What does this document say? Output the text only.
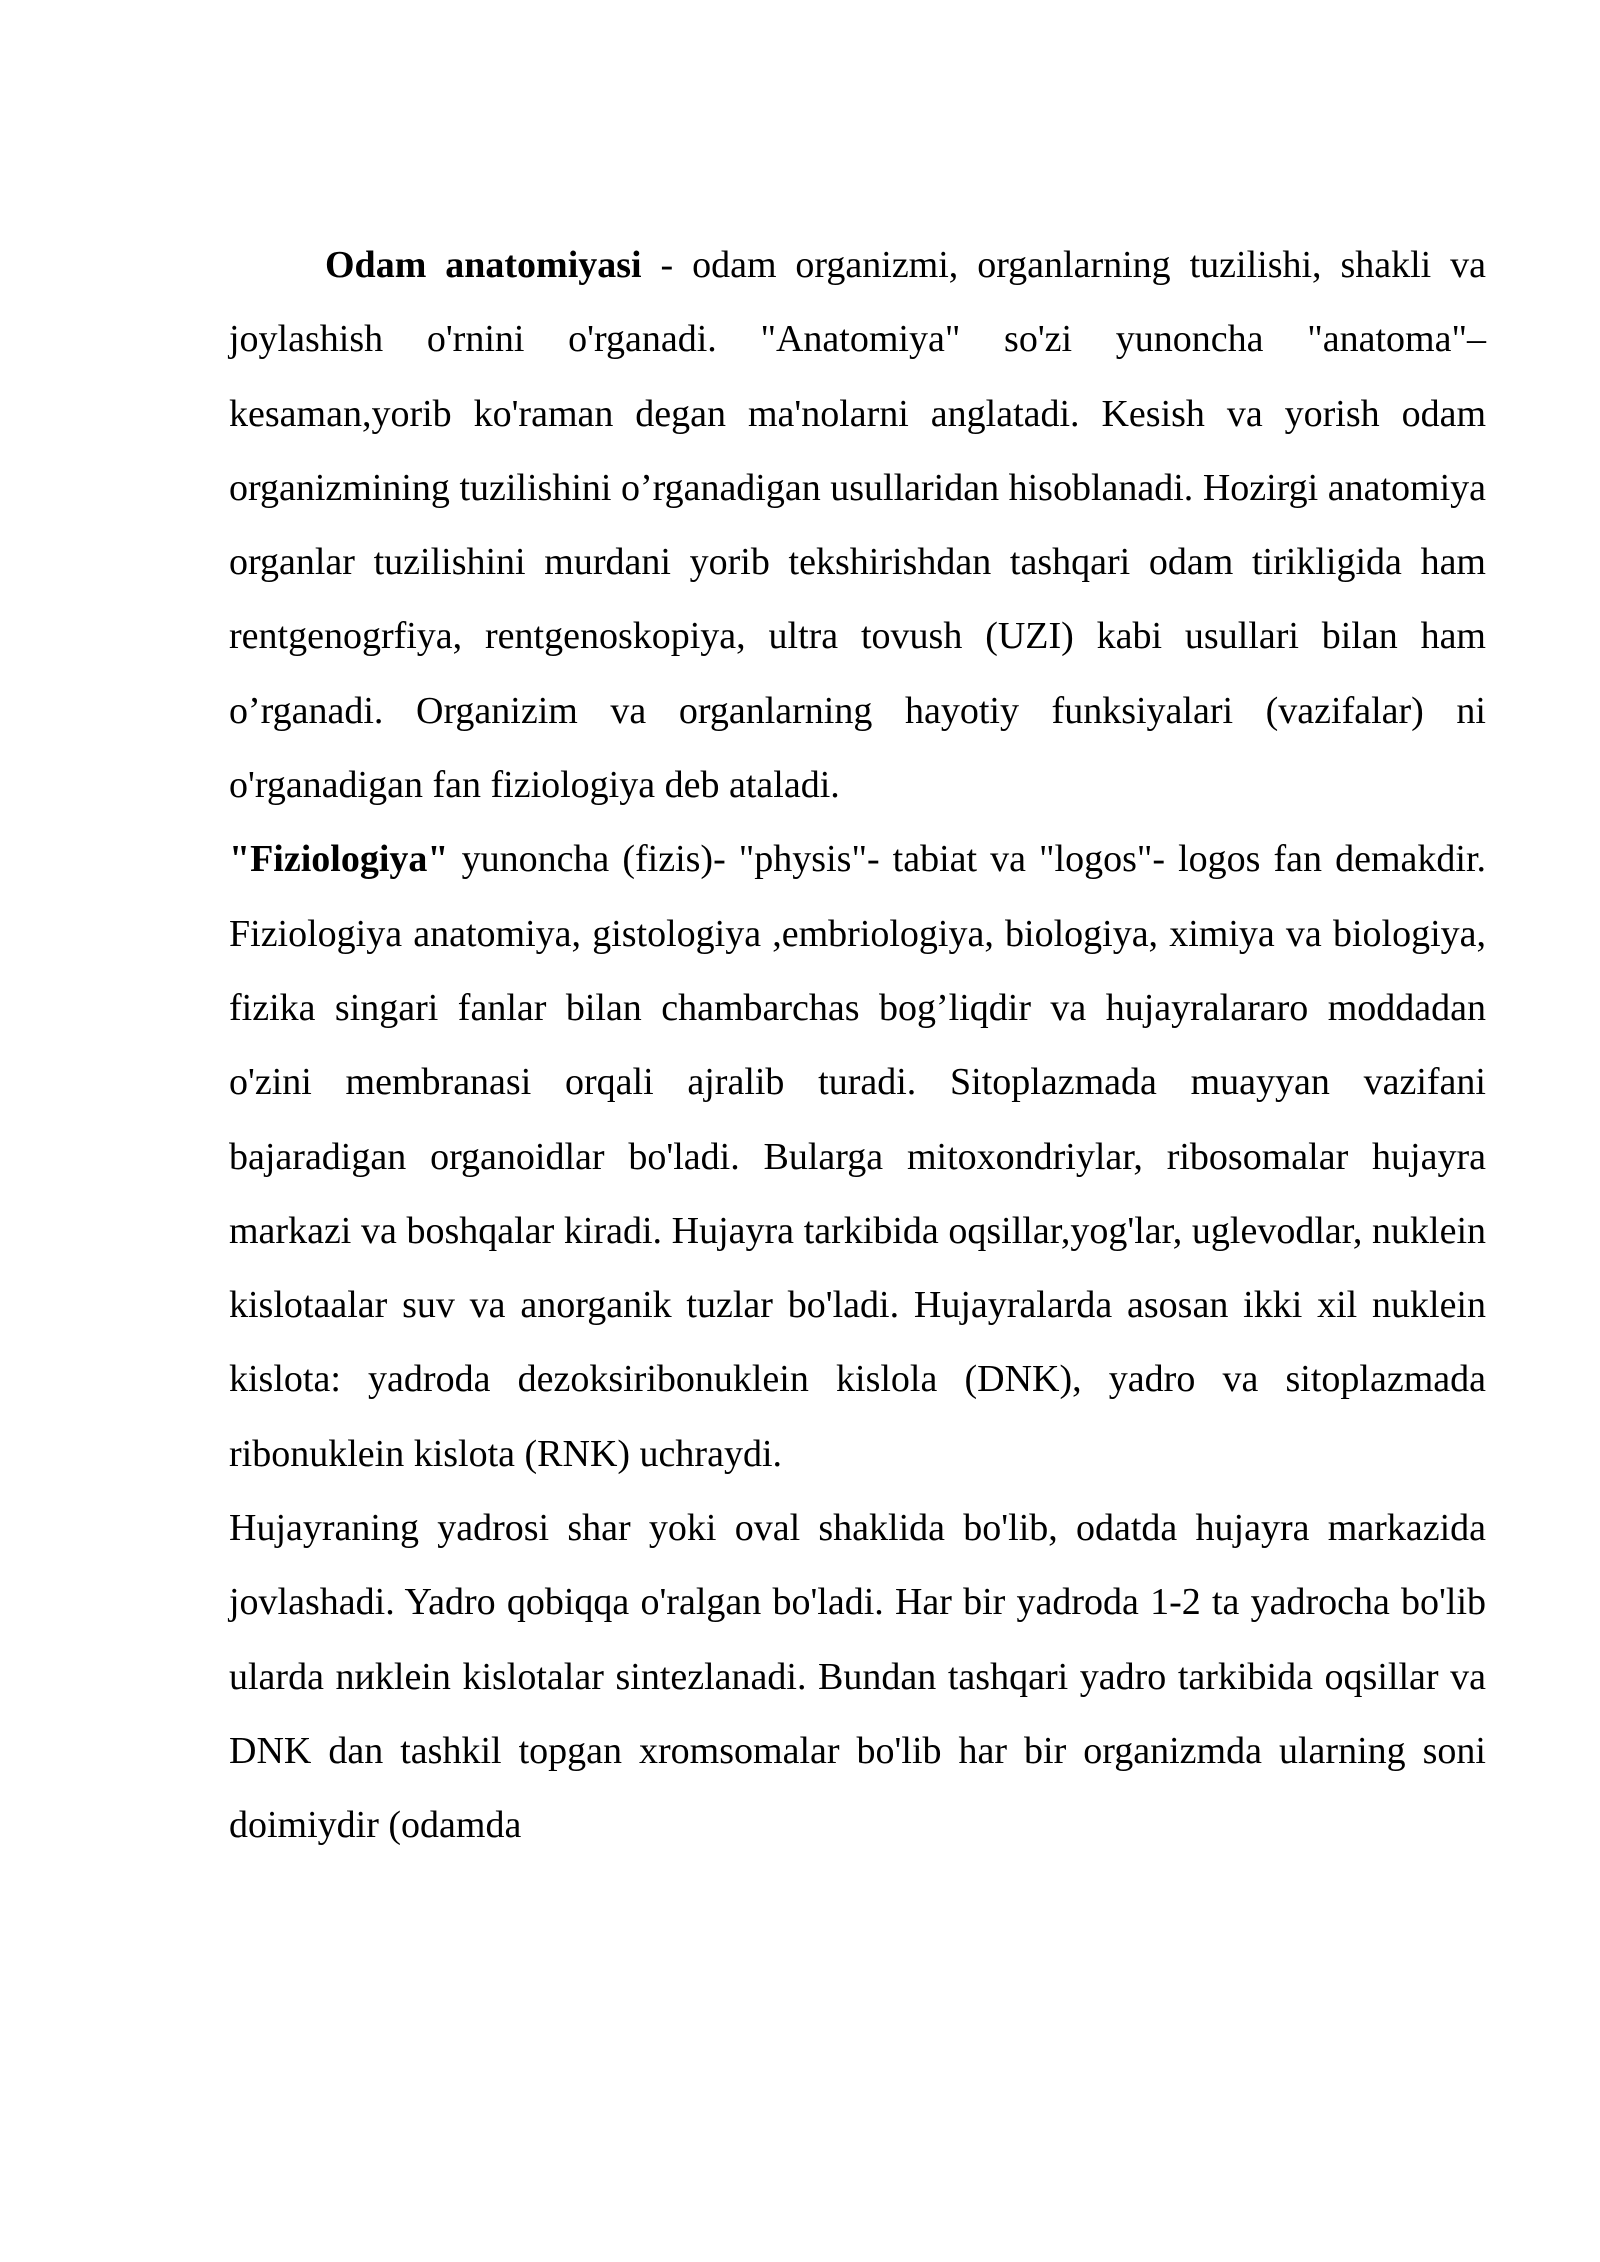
Odam anatomiyasi - odam organizmi, organlarning tuzilishi, shakli va joylashish o'rnini o'rganadi. "Anatomiya" so'zi yunoncha "anatoma"– kesaman,yorib ko'raman degan ma'nolarni anglatadi. Kesish va yorish odam organizmining tuzilishini o’rganadigan usullaridan hisoblanadi. Hozirgi anatomiya organlar tuzilishini murdani yorib tekshirishdan tashqari odam tirikligida ham rentgenogrfiya, rentgenoskopiya, ultra tovush (UZI) kabi usullari bilan ham o’rganadi. Organizim va organlarning hayotiy funksiyalari (vazifalar) ni o'rganadigan fan fiziologiya deb ataladi.

"Fiziologiya" yunoncha (fizis)- "physis"- tabiat va "logos"- logos fan demakdir. Fiziologiya anatomiya, gistologiya ,embriologiya, biologiya, ximiya va biologiya, fizika singari fanlar bilan chambarchas bog’liqdir va hujayralararo moddadan o'zini membranasi orqali ajralib turadi. Sitoplazmada muayyan vazifani bajaradigan organoidlar bo'ladi. Bularga mitoxondriylar, ribosomalar hujayra markazi va boshqalar kiradi. Hujayra tarkibida oqsillar,yog'lar, uglevodlar, nuklein kislotaalar suv va anorganik tuzlar bo'ladi. Hujayralarda asosan ikki xil nuklein kislota: yadroda dezoksiribonuklein kislola (DNK), yadro va sitoplazmada ribonuklein kislota (RNK) uchraydi.

Hujayraning yadrosi shar yoki oval shaklida bo'lib, odatda hujayra markazida jovlashadi. Yadro qobiqqa o'ralgan bo'ladi. Har bir yadroda 1-2 ta yadrocha bo'lib ularda nиklein kislotalar sintezlanadi. Bundan tashqari yadro tarkibida oqsillar va DNK dan tashkil topgan xromsomalar bo'lib har bir organizmda ularning soni doimiydir (odamda
